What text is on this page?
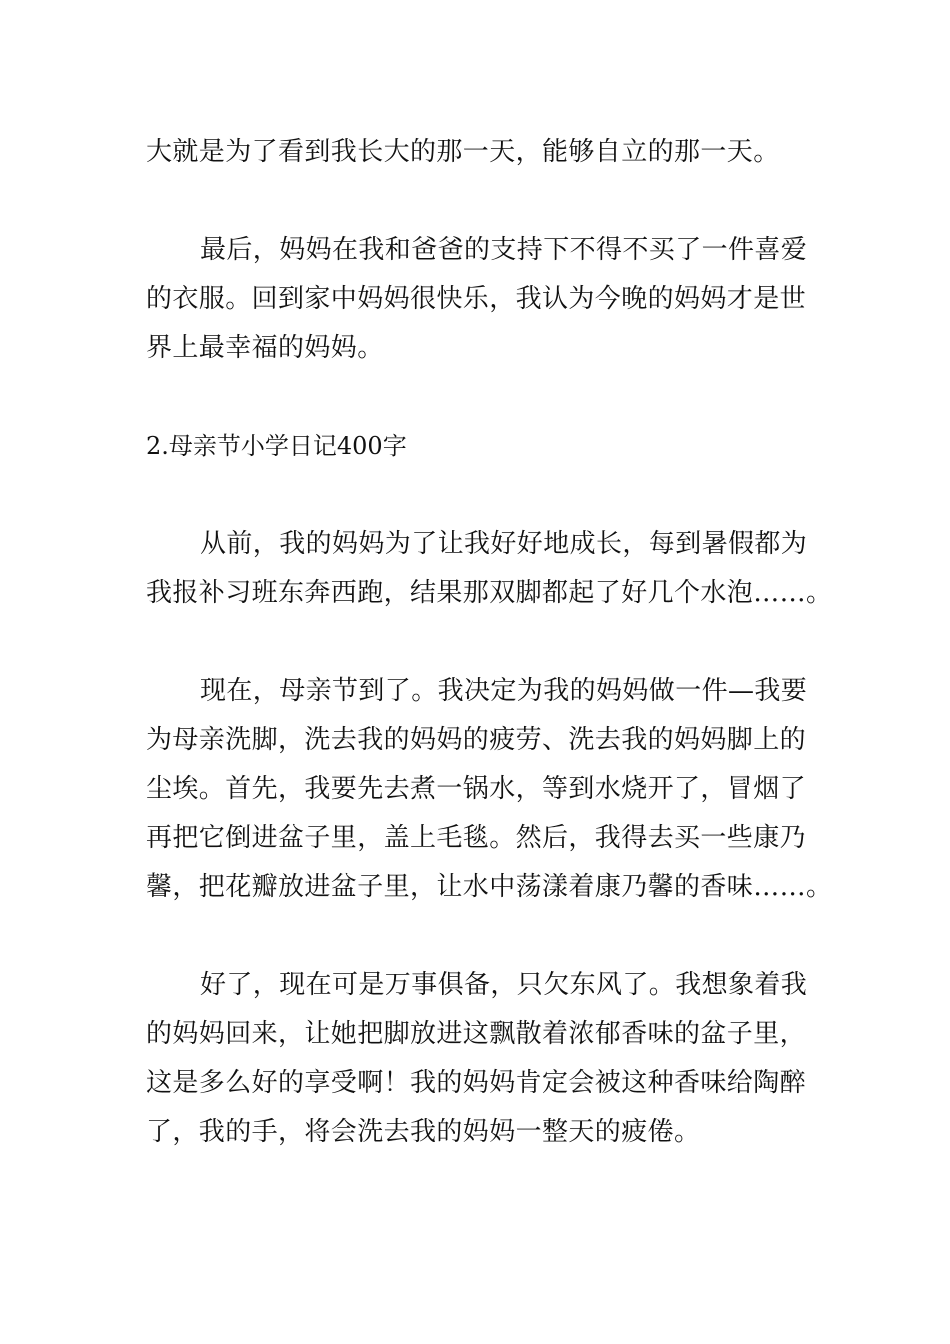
大就是为了看到我长大的那一天，能够自立的那一天。
最后，妈妈在我和爸爸的支持下不得不买了一件喜爱
的衣服。回到家中妈妈很快乐，我认为今晚的妈妈才是世
界上最幸福的妈妈。
2.母亲节小学日记400字
从前，我的妈妈为了让我好好地成长，每到暑假都为
我报补习班东奔西跑，结果那双脚都起了好几个水泡……。
现在，母亲节到了。我决定为我的妈妈做一件—我要
为母亲洗脚，洗去我的妈妈的疲劳、洗去我的妈妈脚上的
尘埃。首先，我要先去煮一锅水，等到水烧开了，冒烟了
再把它倒进盆子里，盖上毛毯。然后，我得去买一些康乃
馨，把花瓣放进盆子里，让水中荡漾着康乃馨的香味……。
好了，现在可是万事俱备，只欠东风了。我想象着我
的妈妈回来，让她把脚放进这飘散着浓郁香味的盆子里，
这是多么好的享受啊！我的妈妈肯定会被这种香味给陶醉
了，我的手，将会洗去我的妈妈一整天的疲倦。
